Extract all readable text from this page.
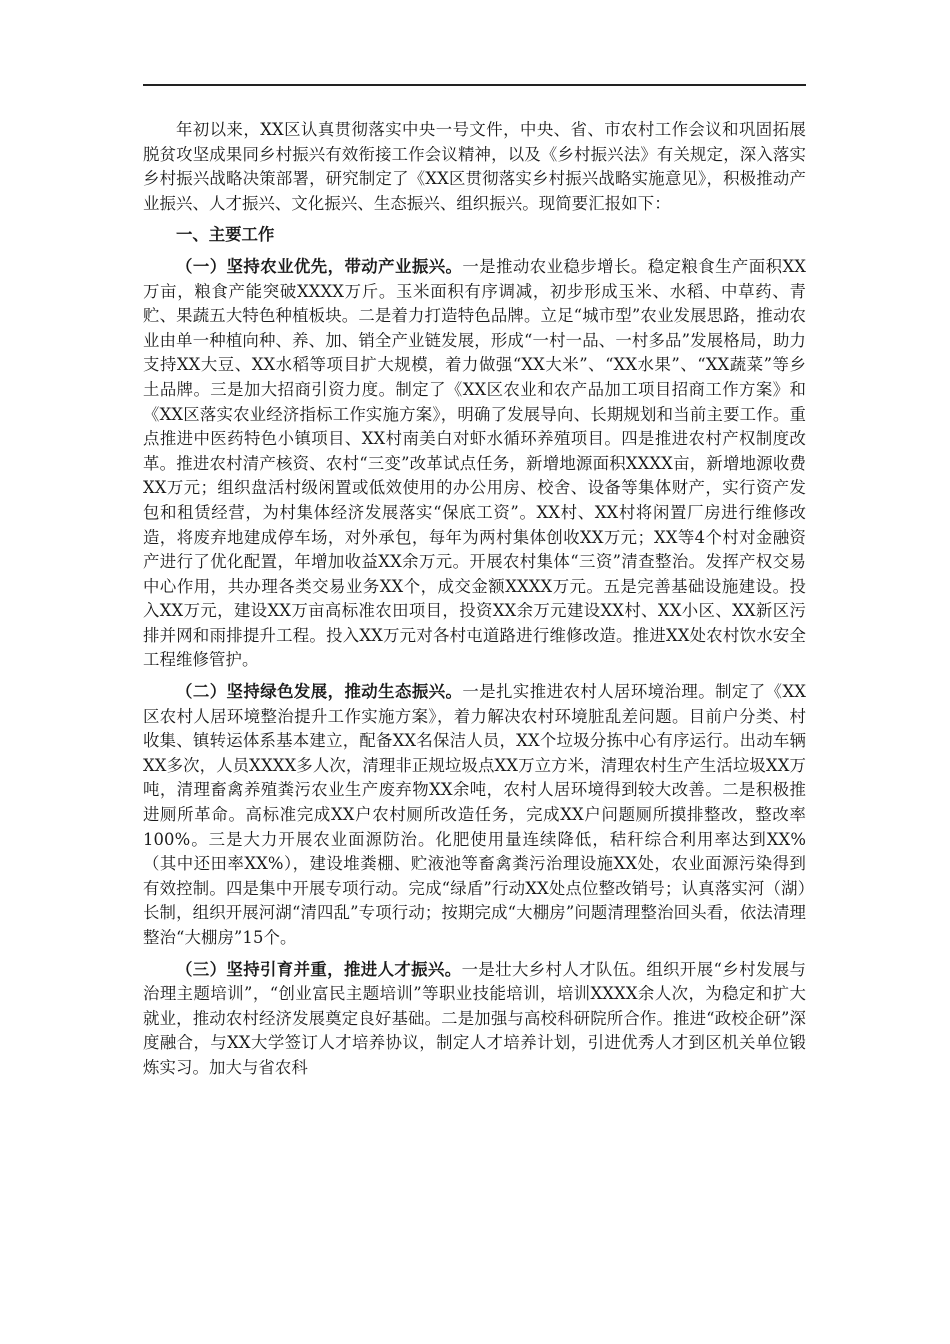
年初以来，XX区认真贯彻落实中央一号文件，中央、省、市农村工作会议和巩固拓展脱贫攻坚成果同乡村振兴有效衔接工作会议精神，以及《乡村振兴法》有关规定，深入落实乡村振兴战略决策部署，研究制定了《XX区贯彻落实乡村振兴战略实施意见》，积极推动产业振兴、人才振兴、文化振兴、生态振兴、组织振兴。现简要汇报如下：

一、主要工作

（一）坚持农业优先，带动产业振兴。一是推动农业稳步增长。稳定粮食生产面积XX万亩，粮食产能突破XXXX万斤。玉米面积有序调减，初步形成玉米、水稻、中草药、青贮、果蔬五大特色种植板块。二是着力打造特色品牌。立足“城市型”农业发展思路，推动农业由单一种植向种、养、加、销全产业链发展，形成“一村一品、一村多品”发展格局，助力支持XX大豆、XX水稻等项目扩大规模，着力做强“XX大米”、“XX水果”、“XX蔬菜”等乡土品牌。三是加大招商引资力度。制定了《XX区农业和农产品加工项目招商工作方案》和《XX区落实农业经济指标工作实施方案》，明确了发展导向、长期规划和当前主要工作。重点推进中医药特色小镇项目、XX村南美白对虾水循环养殖项目。四是推进农村产权制度改革。推进农村清产核资、农村“三变”改革试点任务，新增地源面积XXXX亩，新增地源收费XX万元；组织盘活村级闲置或低效使用的办公用房、校舍、设备等集体财产，实行资产发包和租赁经营，为村集体经济发展落实“保底工资”。XX村、XX村将闲置厂房进行维修改造，将废弃地建成停车场，对外承包，每年为两村集体创收XX万元；XX等4个村对金融资产进行了优化配置，年增加收益XX余万元。开展农村集体“三资”清查整治。发挥产权交易中心作用，共办理各类交易业务XX个，成交金额XXXX万元。五是完善基础设施建设。投入XX万元，建设XX万亩高标准农田项目，投资XX余万元建设XX村、XX小区、XX新区污排并网和雨排提升工程。投入XX万元对各村屯道路进行维修改造。推进XX处农村饮水安全工程维修管护。

（二）坚持绿色发展，推动生态振兴。一是扎实推进农村人居环境治理。制定了《XX区农村人居环境整治提升工作实施方案》，着力解决农村环境脏乱差问题。目前户分类、村收集、镇转运体系基本建立，配备XX名保洁人员，XX个垃圾分拣中心有序运行。出动车辆XX多次，人员XXXX多人次，清理非正规垃圾点XX万立方米，清理农村生产生活垃圾XX万吨，清理畜禽养殖粪污农业生产废弃物XX余吨，农村人居环境得到较大改善。二是积极推进厕所革命。高标准完成XX户农村厕所改造任务，完成XX户问题厕所摸排整改，整改率100%。三是大力开展农业面源防治。化肥使用量连续降低，秸秆综合利用率达到XX%（其中还田率XX%），建设堆粪棚、贮液池等畜禽粪污治理设施XX处，农业面源污染得到有效控制。四是集中开展专项行动。完成“绿盾”行动XX处点位整改销号；认真落实河（湖）长制，组织开展河湖“清四乱”专项行动；按期完成“大棚房”问题清理整治回头看，依法清理整治“大棚房”15个。

（三）坚持引育并重，推进人才振兴。一是壮大乡村人才队伍。组织开展“乡村发展与治理主题培训”，“创业富民主题培训”等职业技能培训，培训XXXX余人次，为稳定和扩大就业，推动农村经济发展奠定良好基础。二是加强与高校科研院所合作。推进“政校企研”深度融合，与XX大学签订人才培养协议，制定人才培养计划，引进优秀人才到区机关单位锻炼实习。加大与省农科
